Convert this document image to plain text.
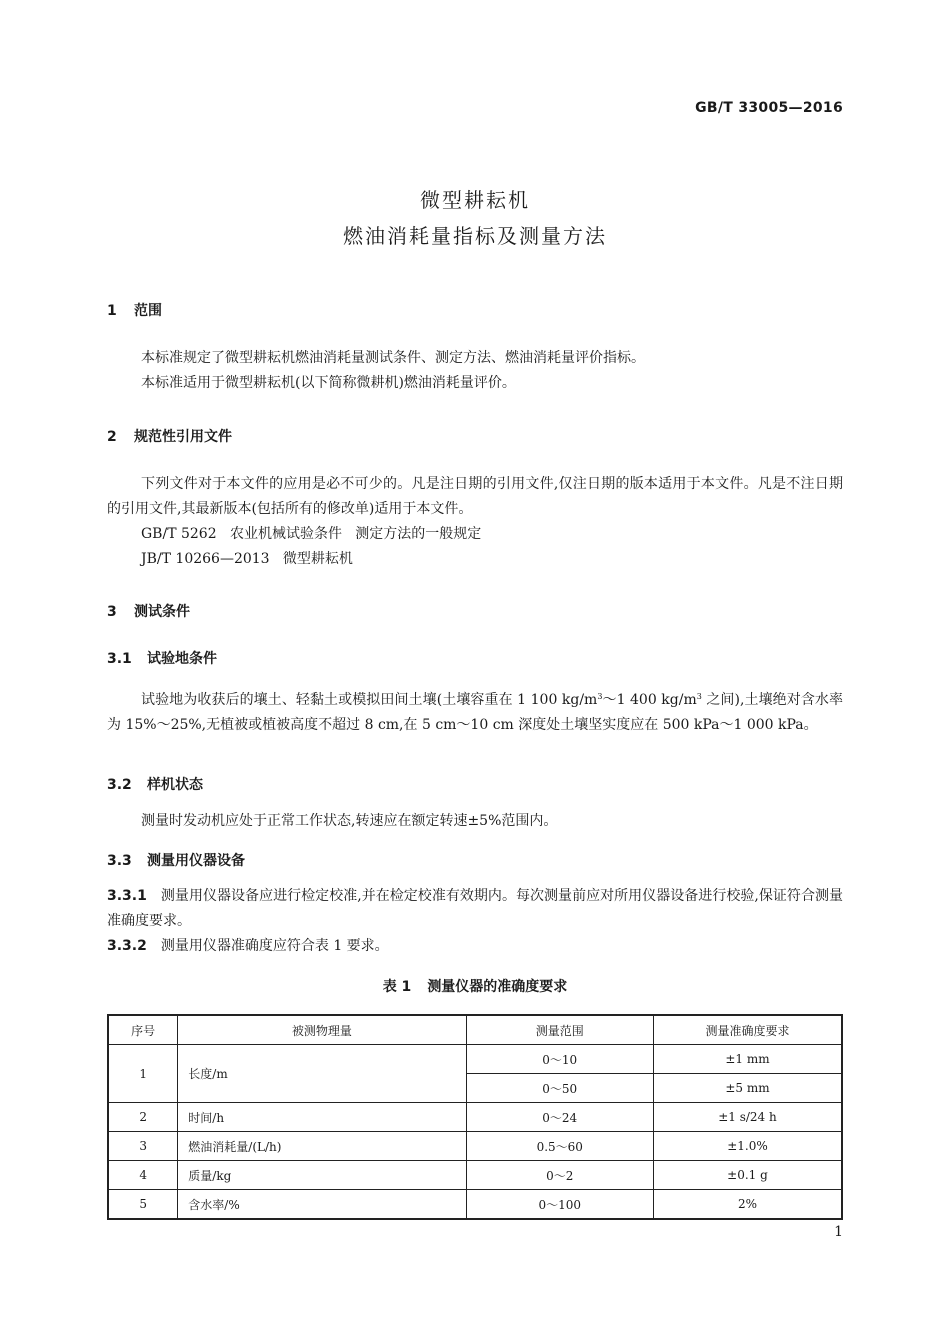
GB/T 33005—2016
微型耕耘机
燃油消耗量指标及测量方法
1 范围
本标准规定了微型耕耘机燃油消耗量测试条件、测定方法、燃油消耗量评价指标。
本标准适用于微型耕耘机(以下简称微耕机)燃油消耗量评价。
2 规范性引用文件
下列文件对于本文件的应用是必不可少的。凡是注日期的引用文件,仅注日期的版本适用于本文件。凡是不注日期的引用文件,其最新版本(包括所有的修改单)适用于本文件。
GB/T 5262   农业机械试验条件   测定方法的一般规定
JB/T 10266—2013   微型耕耘机
3 测试条件
3.1 试验地条件
试验地为收获后的壤土、轻黏土或模拟田间土壤(土壤容重在 1 100 $kg/m^3\sim 1$ 400 $kg/m^3$ 之间),土壤绝对含水率为 15%～25%,无植被或植被高度不超过 8 cm,在 5 cm～10 cm 深度处土壤坚实度应在 500 kPa～1 000 kPa。
3.2 样机状态
测量时发动机应处于正常工作状态,转速应在额定转速±5%范围内。
3.3 测量用仪器设备
3.3.1 测量用仪器设备应进行检定校准,并在检定校准有效期内。每次测量前应对所用仪器设备进行校验,保证符合测量准确度要求。
3.3.2 测量用仪器准确度应符合表 1 要求。
表 1 测量仪器的准确度要求
序号	被测物理量	测量范围	测量准确度要求
1	长度/m	0～10	±1 mm
		0～50	±5 mm
2	时间/h	0～24	±1 s/24 h
3	燃油消耗量/(L/h)	0.5～60	±1.0%
4	质量/kg	0～2	±0.1 g
5	含水率/%	0～100	2%
1
